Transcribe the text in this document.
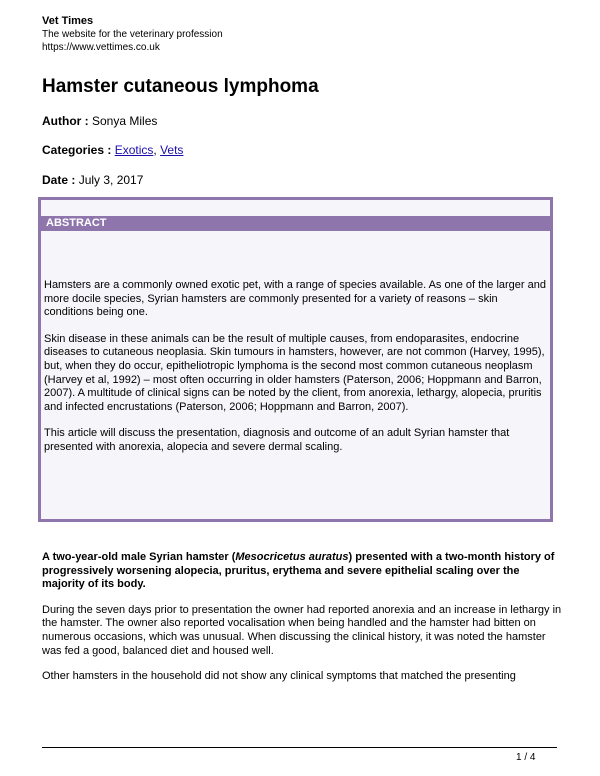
Vet Times
The website for the veterinary profession
https://www.vettimes.co.uk
Hamster cutaneous lymphoma
Author : Sonya Miles
Categories : Exotics, Vets
Date : July 3, 2017
ABSTRACT

Hamsters are a commonly owned exotic pet, with a range of species available. As one of the larger and more docile species, Syrian hamsters are commonly presented for a variety of reasons – skin conditions being one.

Skin disease in these animals can be the result of multiple causes, from endoparasites, endocrine diseases to cutaneous neoplasia. Skin tumours in hamsters, however, are not common (Harvey, 1995), but, when they do occur, epitheliotropic lymphoma is the second most common cutaneous neoplasm (Harvey et al, 1992) – most often occurring in older hamsters (Paterson, 2006; Hoppmann and Barron, 2007). A multitude of clinical signs can be noted by the client, from anorexia, lethargy, alopecia, pruritis and infected encrustations (Paterson, 2006; Hoppmann and Barron, 2007).

This article will discuss the presentation, diagnosis and outcome of an adult Syrian hamster that presented with anorexia, alopecia and severe dermal scaling.

A two-year-old male Syrian hamster (Mesocricetus auratus) presented with a two-month history of progressively worsening alopecia, pruritus, erythema and severe epithelial scaling over the majority of its body.

During the seven days prior to presentation the owner had reported anorexia and an increase in lethargy in the hamster. The owner also reported vocalisation when being handled and the hamster had bitten on numerous occasions, which was unusual. When discussing the clinical history, it was noted the hamster was fed a good, balanced diet and housed well.

Other hamsters in the household did not show any clinical symptoms that matched the presenting

1 / 4
